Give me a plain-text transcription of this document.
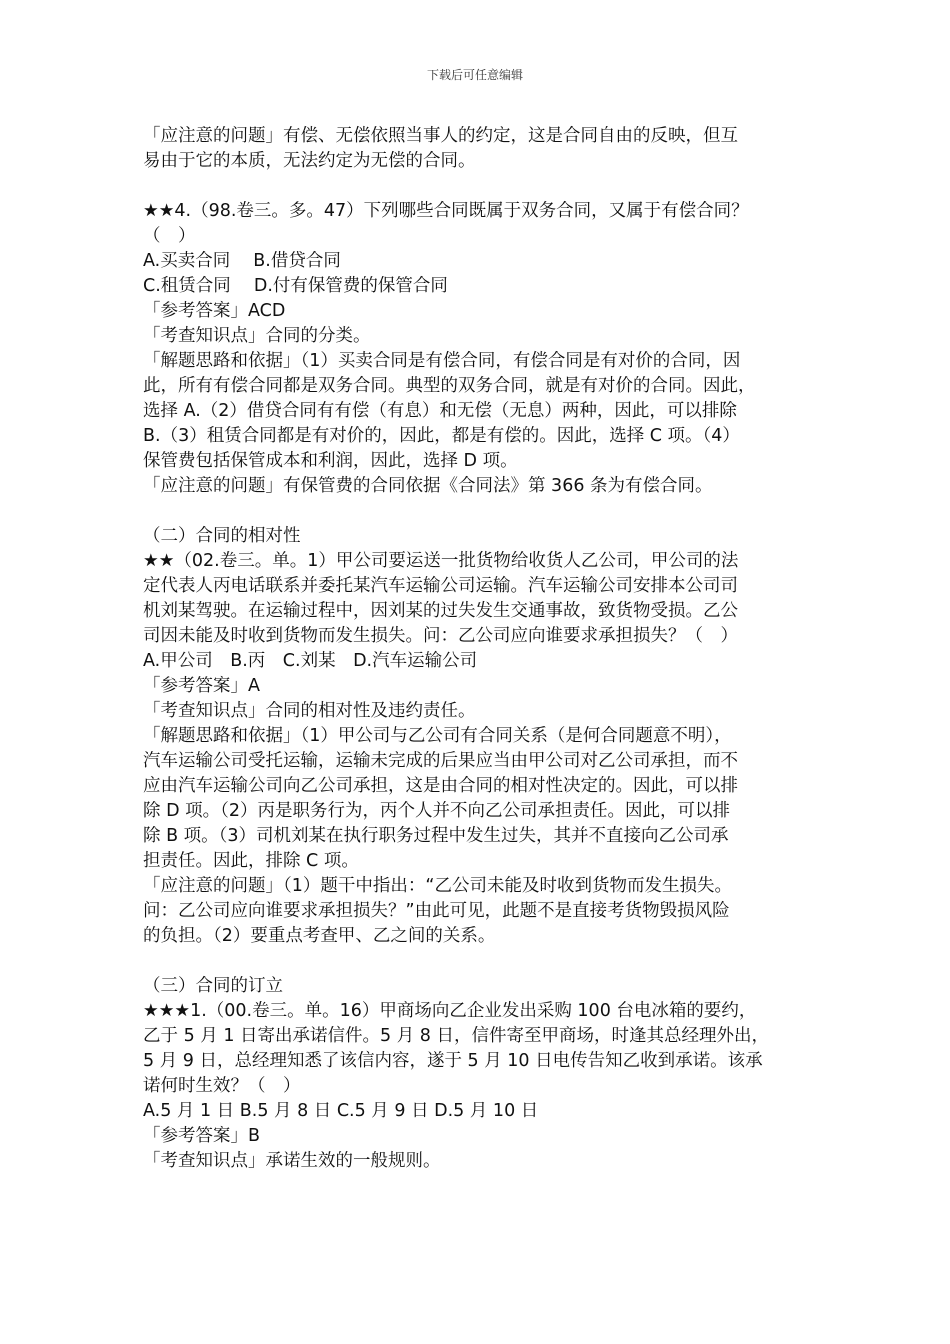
下载后可任意编辑
「应注意的问题」有偿、无偿依照当事人的约定，这是合同自由的反映，但互
易由于它的本质，无法约定为无偿的合同。
★★4.（98.卷三。多。47）下列哪些合同既属于双务合同，又属于有偿合同？
（　）
A.买卖合同　 B.借贷合同
C.租赁合同　 D.付有保管费的保管合同
「参考答案」ACD
「考查知识点」合同的分类。
「解题思路和依据」（1）买卖合同是有偿合同，有偿合同是有对价的合同，因
此，所有有偿合同都是双务合同。典型的双务合同，就是有对价的合同。因此，
选择 A.（2）借贷合同有有偿（有息）和无偿（无息）两种，因此，可以排除
B.（3）租赁合同都是有对价的，因此，都是有偿的。因此，选择 C 项。（4）
保管费包括保管成本和利润，因此，选择 D 项。
「应注意的问题」有保管费的合同依据《合同法》第 366 条为有偿合同。
（二）合同的相对性
★★（02.卷三。单。1）甲公司要运送一批货物给收货人乙公司，甲公司的法
定代表人丙电话联系并委托某汽车运输公司运输。汽车运输公司安排本公司司
机刘某驾驶。在运输过程中，因刘某的过失发生交通事故，致货物受损。乙公
司因未能及时收到货物而发生损失。问：乙公司应向谁要求承担损失？（　）
A.甲公司　B.丙　C.刘某　D.汽车运输公司
「参考答案」A
「考查知识点」合同的相对性及违约责任。
「解题思路和依据」（1）甲公司与乙公司有合同关系（是何合同题意不明），
汽车运输公司受托运输，运输未完成的后果应当由甲公司对乙公司承担，而不
应由汽车运输公司向乙公司承担，这是由合同的相对性决定的。因此，可以排
除 D 项。（2）丙是职务行为，丙个人并不向乙公司承担责任。因此，可以排
除 B 项。（3）司机刘某在执行职务过程中发生过失，其并不直接向乙公司承
担责任。因此，排除 C 项。
「应注意的问题」（1）题干中指出：“乙公司未能及时收到货物而发生损失。
问：乙公司应向谁要求承担损失？”由此可见，此题不是直接考货物毁损风险
的负担。（2）要重点考查甲、乙之间的关系。
（三）合同的订立
★★★1.（00.卷三。单。16）甲商场向乙企业发出采购 100 台电冰箱的要约，
乙于 5 月 1 日寄出承诺信件。5 月 8 日，信件寄至甲商场，时逢其总经理外出，
5 月 9 日，总经理知悉了该信内容，遂于 5 月 10 日电传告知乙收到承诺。该承
诺何时生效？（　）
A.5 月 1 日 B.5 月 8 日 C.5 月 9 日 D.5 月 10 日
「参考答案」B
「考查知识点」承诺生效的一般规则。
